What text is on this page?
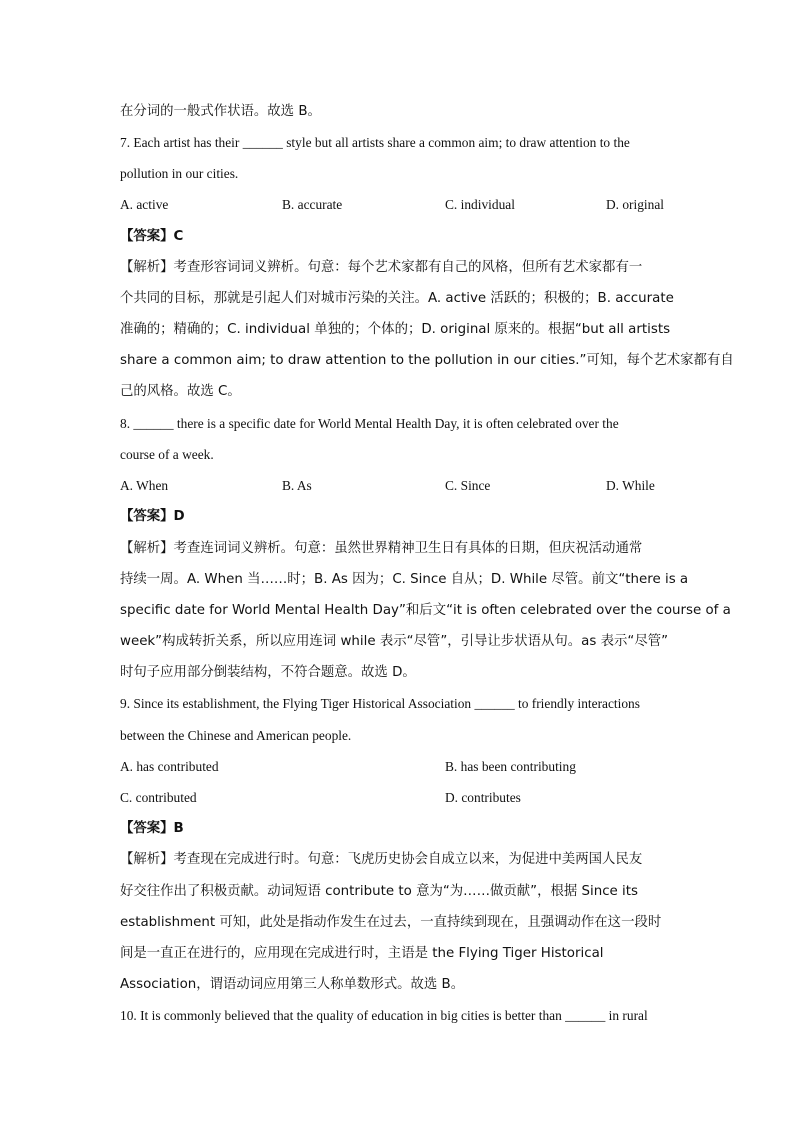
在分词的一般式作状语。故选 B。
7. Each artist has their ______ style but all artists share a common aim; to draw attention to the
pollution in our cities.
A. active	B. accurate	C. individual	D. original
【答案】C
【解析】考查形容词词义辨析。句意：每个艺术家都有自己的风格，但所有艺术家都有一
个共同的目标，那就是引起人们对城市污染的关注。A. active 活跃的；积极的；B. accurate
准确的；精确的；C. individual 单独的；个体的；D. original 原来的。根据“but all artists
share a common aim; to draw attention to the pollution in our cities.”可知，每个艺术家都有自
己的风格。故选 C。
8. ______ there is a specific date for World Mental Health Day, it is often celebrated over the
course of a week.
A. When	B. As	C. Since	D. While
【答案】D
【解析】考查连词词义辨析。句意：虽然世界精神卫生日有具体的日期，但庆祝活动通常
持续一周。A. When 当……时；B. As 因为；C. Since 自从；D. While 尽管。前文“there is a
specific date for World Mental Health Day”和后文“it is often celebrated over the course of a
week”构成转折关系，所以应用连词 while 表示“尽管”，引导让步状语从句。as 表示“尽管”
时句子应用部分倒装结构，不符合题意。故选 D。
9. Since its establishment, the Flying Tiger Historical Association ______ to friendly interactions
between the Chinese and American people.
A. has contributed	B. has been contributing
C. contributed	D. contributes
【答案】B
【解析】考查现在完成进行时。句意：飞虎历史协会自成立以来，为促进中美两国人民友
好交往作出了积极贡献。动词短语 contribute to 意为“为……做贡献”，根据 Since its
establishment 可知，此处是指动作发生在过去，一直持续到现在，且强调动作在这一段时
间是一直正在进行的，应用现在完成进行时，主语是 the Flying Tiger Historical
Association，谓语动词应用第三人称单数形式。故选 B。
10. It is commonly believed that the quality of education in big cities is better than ______ in rural
